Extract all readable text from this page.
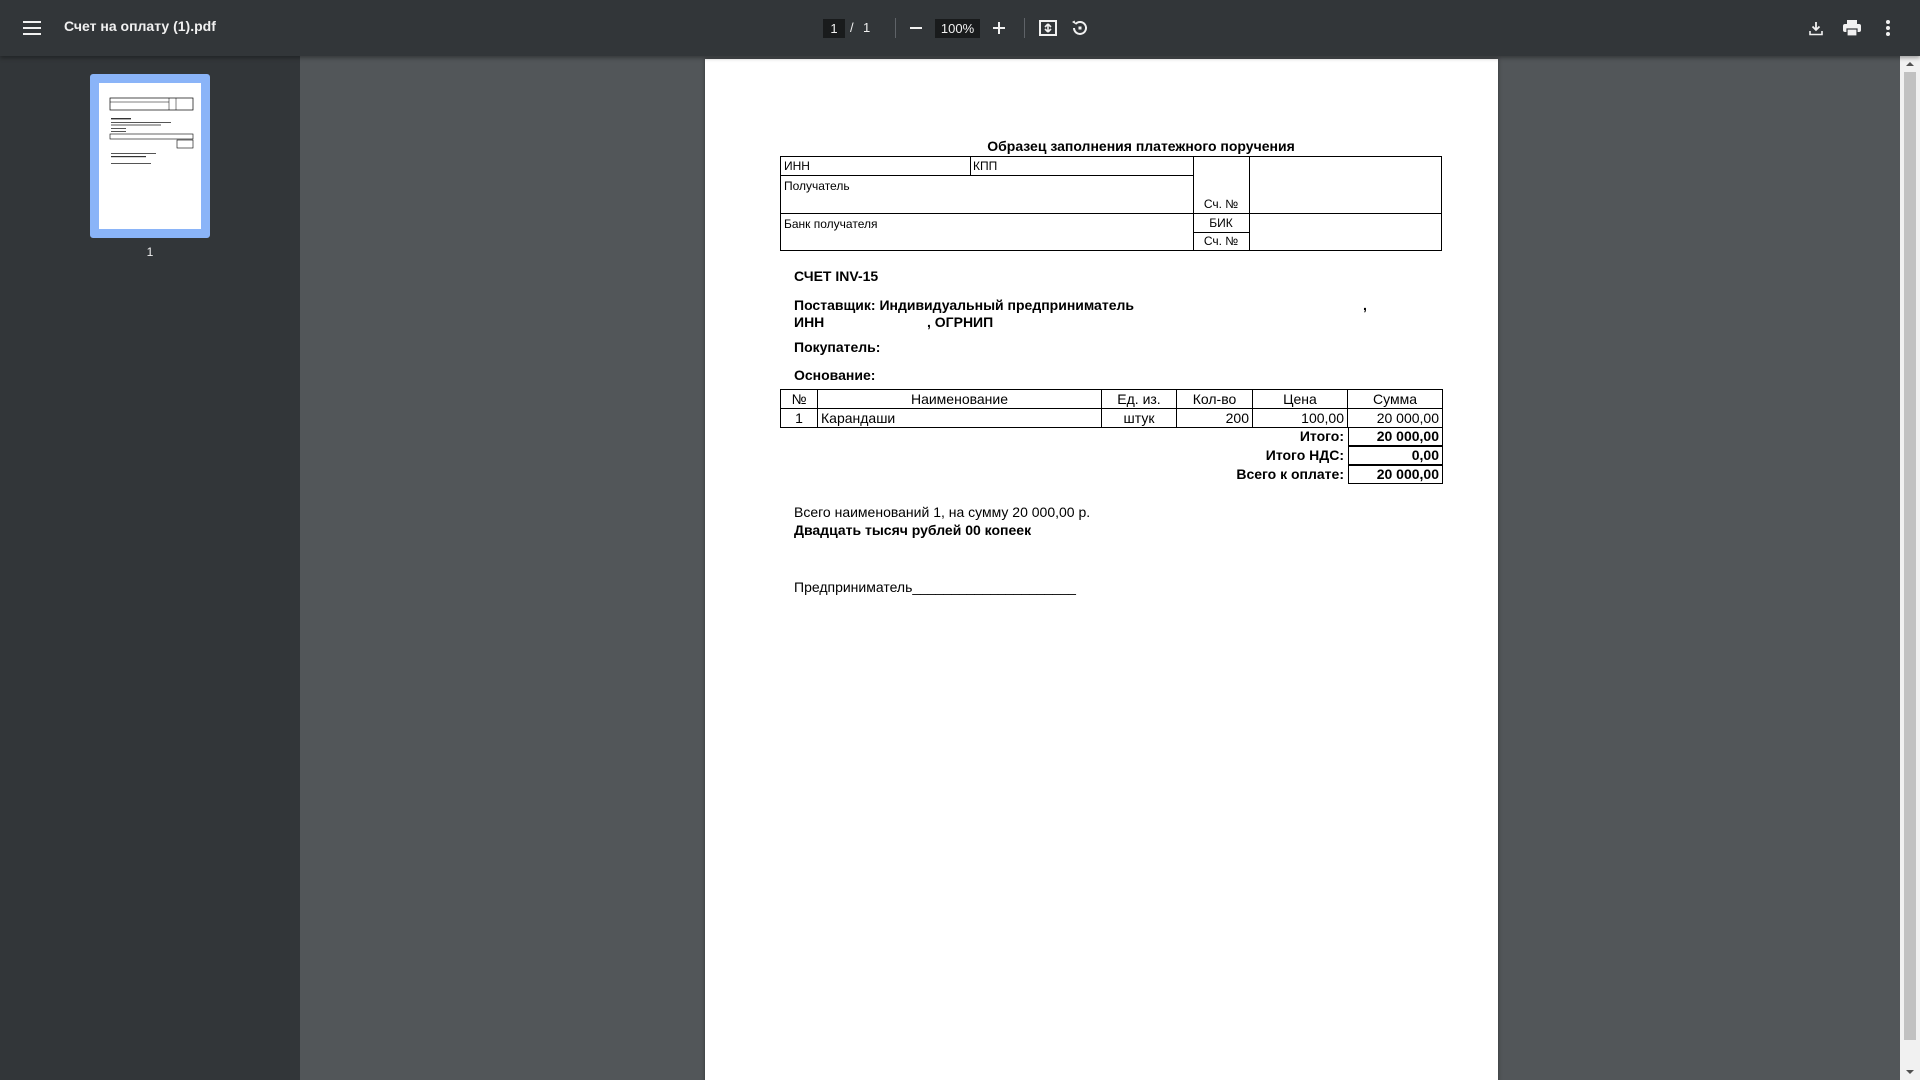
Счет на оплату (1).pdf
1	/ 1
100%
1
Образец заполнения платежного поручения
ИНН	КПП
Получатель
Сч. №
Банк получателя	БИК
Сч. №
СЧЕТ INV-15
Поставщик: Индивидуальный предприниматель	,
ИНН	, ОГРНИП
Покупатель:
Основание:
№	Наименование	Ед. из.	Кол-во	Цена	Сумма
1	Карандаши	штук	200	100,00	20 000,00
Итого:	20 000,00
Итого НДС:	0,00
Всего к оплате:	20 000,00
Всего наименований 1, на сумму 20 000,00 р.
Двадцать тысяч рублей 00 копеек
Предприниматель_____________________
